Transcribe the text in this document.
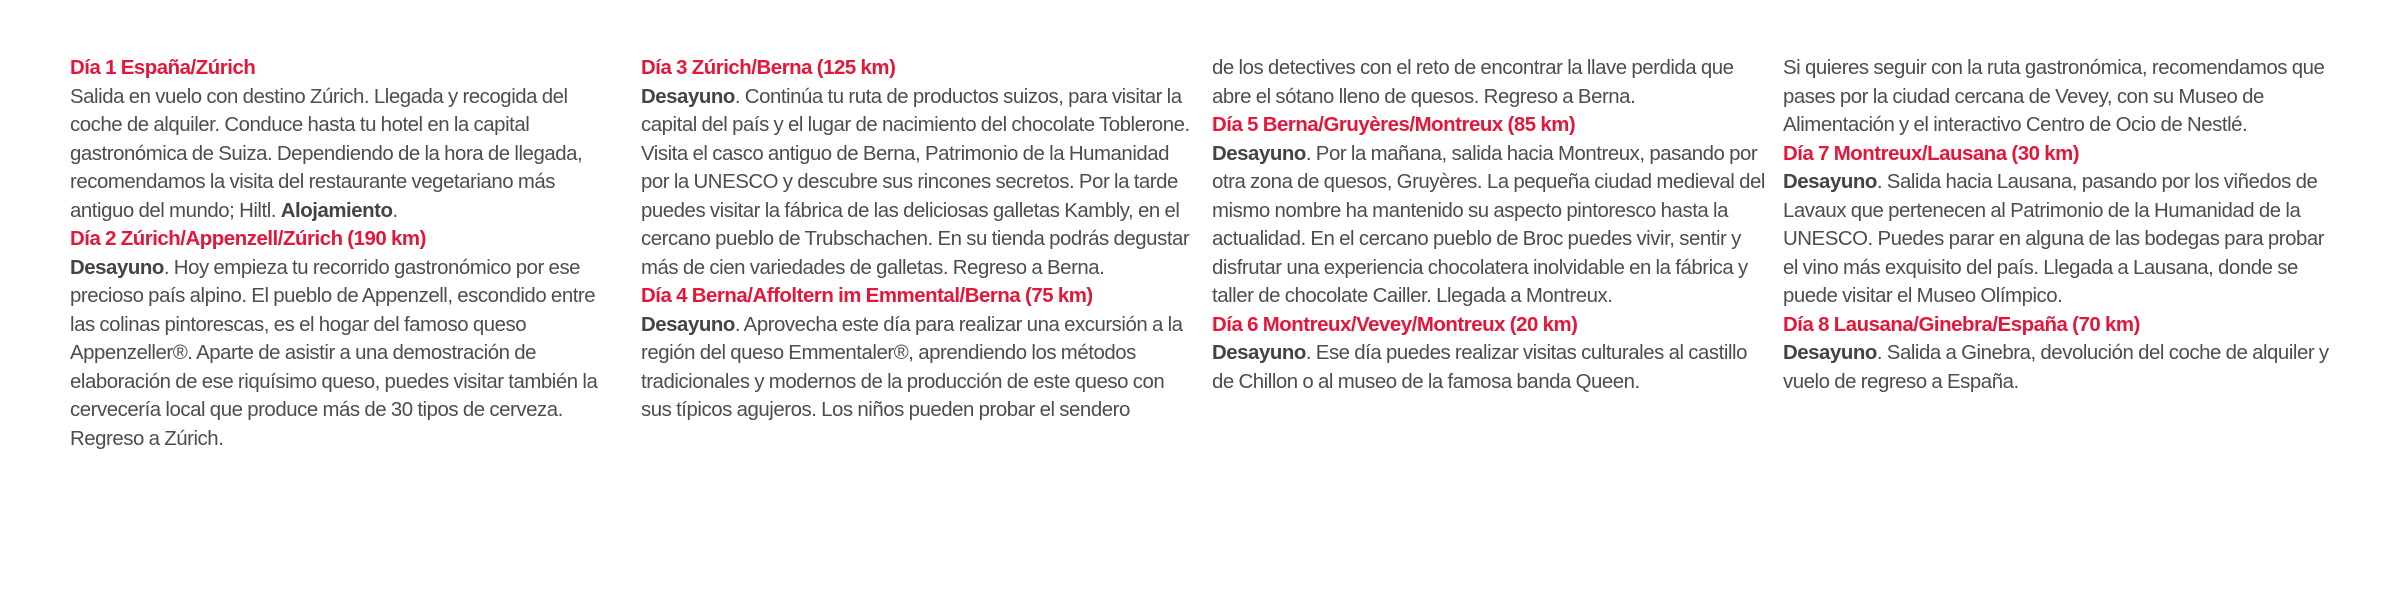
Día 1 España/Zúrich
Salida en vuelo con destino Zúrich. Llegada y recogida del coche de alquiler. Conduce hasta tu hotel en la capital gastronómica de Suiza. Dependiendo de la hora de llegada, recomendamos la visita del restaurante vegetariano más antiguo del mundo; Hiltl. Alojamiento.
Día 2 Zúrich/Appenzell/Zúrich (190 km)
Desayuno. Hoy empieza tu recorrido gastronómico por ese precioso país alpino. El pueblo de Appenzell, escondido entre las colinas pintorescas, es el hogar del famoso queso Appenzeller®. Aparte de asistir a una demostración de elaboración de ese riquísimo queso, puedes visitar también la cervecería local que produce más de 30 tipos de cerveza. Regreso a Zúrich.
Día 3 Zúrich/Berna (125 km)
Desayuno. Continúa tu ruta de productos suizos, para visitar la capital del país y el lugar de nacimiento del chocolate Toblerone. Visita el casco antiguo de Berna, Patrimonio de la Humanidad por la UNESCO y descubre sus rincones secretos. Por la tarde puedes visitar la fábrica de las deliciosas galletas Kambly, en el cercano pueblo de Trubschachen. En su tienda podrás degustar más de cien variedades de galletas. Regreso a Berna.
Día 4 Berna/Affoltern im Emmental/Berna (75 km)
Desayuno. Aprovecha este día para realizar una excursión a la región del queso Emmentaler®, aprendiendo los métodos tradicionales y modernos de la producción de este queso con sus típicos agujeros. Los niños pueden probar el sendero
de los detectives con el reto de encontrar la llave perdida que abre el sótano lleno de quesos. Regreso a Berna.
Día 5 Berna/Gruyères/Montreux (85 km)
Desayuno. Por la mañana, salida hacia Montreux, pasando por otra zona de quesos, Gruyères. La pequeña ciudad medieval del mismo nombre ha mantenido su aspecto pintoresco hasta la actualidad. En el cercano pueblo de Broc puedes vivir, sentir y disfrutar una experiencia chocolatera inolvidable en la fábrica y taller de chocolate Cailler. Llegada a Montreux.
Día 6 Montreux/Vevey/Montreux (20 km)
Desayuno. Ese día puedes realizar visitas culturales al castillo de Chillon o al museo de la famosa banda Queen.
Si quieres seguir con la ruta gastronómica, recomendamos que pases por la ciudad cercana de Vevey, con su Museo de Alimentación y el interactivo Centro de Ocio de Nestlé.
Día 7 Montreux/Lausana (30 km)
Desayuno. Salida hacia Lausana, pasando por los viñedos de Lavaux que pertenecen al Patrimonio de la Humanidad de la UNESCO. Puedes parar en alguna de las bodegas para probar el vino más exquisito del país. Llegada a Lausana, donde se puede visitar el Museo Olímpico.
Día 8 Lausana/Ginebra/España (70 km)
Desayuno. Salida a Ginebra, devolución del coche de alquiler y vuelo de regreso a España.
